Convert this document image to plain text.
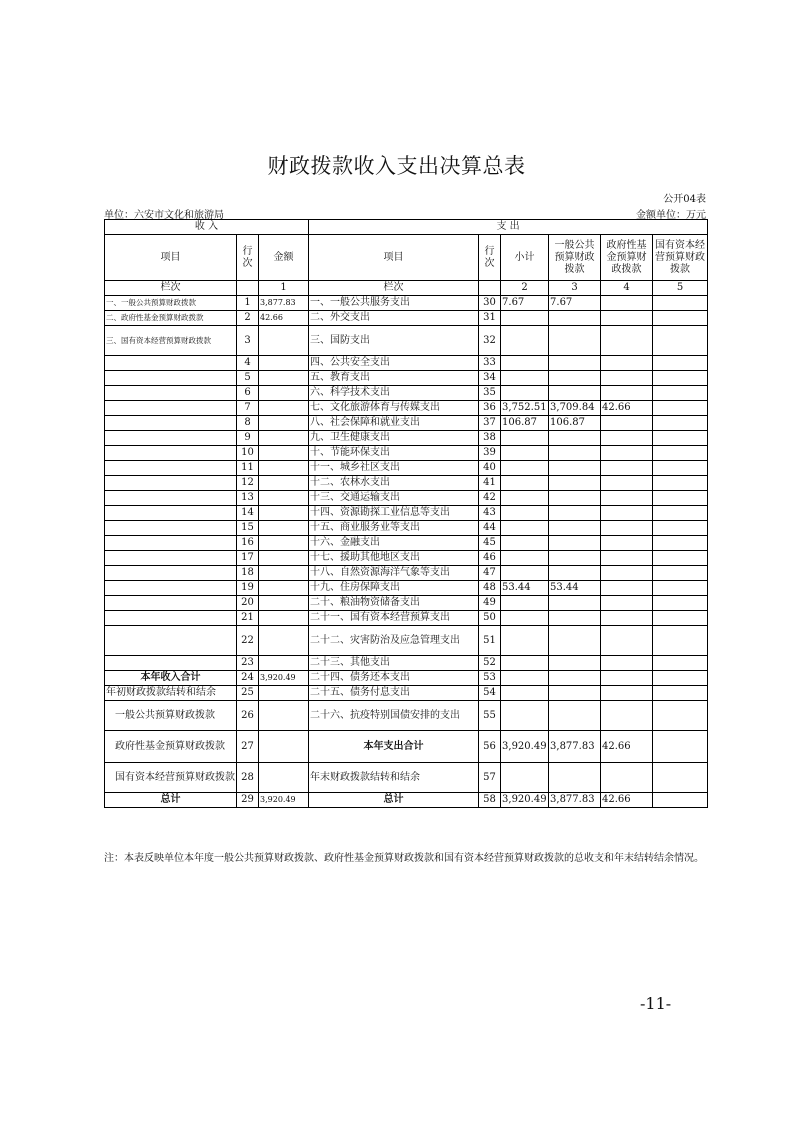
财政拨款收入支出决算总表
公开04表
单位：六安市文化和旅游局	金额单位：万元
收 入			支 出					
项目	行次	金额	项目	行次	小计	一般公共预算财政拨款	政府性基金预算财政拨款	国有资本经营预算财政拨款
栏次		1	栏次		2	3	4	5
一、一般公共预算财政拨款	1	3,877.83	一、一般公共服务支出	30	7.67	7.67		
二、政府性基金预算财政拨款	2	42.66	二、外交支出	31				
三、国有资本经营预算财政拨款	3		三、国防支出	32				
	4		四、公共安全支出	33				
	5		五、教育支出	34				
	6		六、科学技术支出	35				
	7		七、文化旅游体育与传媒支出	36	3,752.51	3,709.84	42.66	
	8		八、社会保障和就业支出	37	106.87	106.87		
	9		九、卫生健康支出	38				
	10		十、节能环保支出	39				
	11		十一、城乡社区支出	40				
	12		十二、农林水支出	41				
	13		十三、交通运输支出	42				
	14		十四、资源勘探工业信息等支出	43				
	15		十五、商业服务业等支出	44				
	16		十六、金融支出	45				
	17		十七、援助其他地区支出	46				
	18		十八、自然资源海洋气象等支出	47				
	19		十九、住房保障支出	48	53.44	53.44		
	20		二十、粮油物资储备支出	49				
	21		二十一、国有资本经营预算支出	50				
	22		二十二、灾害防治及应急管理支出	51				
	23		二十三、其他支出	52				
本年收入合计	24	3,920.49	二十四、债务还本支出	53				
年初财政拨款结转和结余	25		二十五、债务付息支出	54				
一般公共预算财政拨款	26		二十六、抗疫特别国债安排的支出	55				
政府性基金预算财政拨款	27		本年支出合计	56	3,920.49	3,877.83	42.66	
国有资本经营预算财政拨款	28		年末财政拨款结转和结余	57				
总计	29	3,920.49	总计	58	3,920.49	3,877.83	42.66	
注：本表反映单位本年度一般公共预算财政拨款、政府性基金预算财政拨款和国有资本经营预算财政拨款的总收支和年末结转结余情况。
-11-
